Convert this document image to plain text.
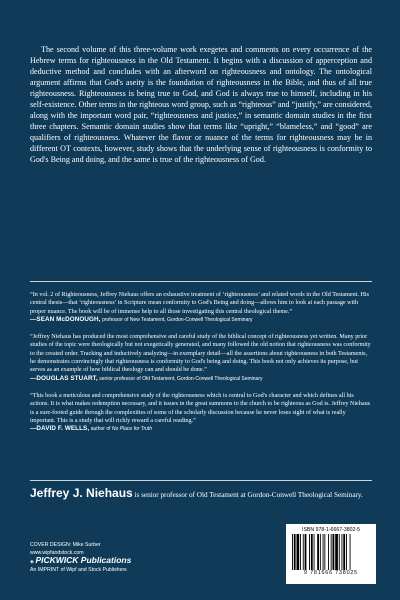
The second volume of this three-volume work exegetes and comments on every occurrence of the Hebrew terms for righteousness in the Old Testament. It begins with a discussion of apperception and deductive method and concludes with an afterword on righteousness and ontology. The ontological argument affirms that God's aseity is the foundation of righteousness in the Bible, and thus of all true righteousness. Righteousness is being true to God, and God is always true to himself, including in his self-existence. Other terms in the righteous word group, such as “righteous” and “justify,” are considered, along with the important word pair, “righteousness and justice,” in semantic domain studies in the first three chapters. Semantic domain studies show that terms like “upright,” “blameless,” and “good” are qualifiers of righteousness. Whatever the flavor or nuance of the terms for righteousness may be in different OT contexts, however, study shows that the underlying sense of righteousness is conformity to God's Being and doing, and the same is true of the righteousness of God.

“In vol. 2 of Righteousness, Jeffrey Niehaus offers an exhaustive treatment of ‘righteousness’ and related words in the Old Testament. His central thesis—that ‘righteousness’ in Scripture mean conformity to God's Being and doing—allows him to look at each passage with proper nuance. The book will be of immense help to all those investigating this central theological theme.”
—SEAN McDONOUGH, professor of New Testament, Gordon-Conwell Theological Seminary
“Jeffrey Niehaus has produced the most comprehensive and careful study of the biblical concept of righteousness yet written. Many prior studies of the topic were theologically but not exegetically generated, and many followed the old notion that righteousness was conformity to the created order. Tracking and inductively analyzing—in exemplary detail—all the assertions about righteousness in both Testaments, he demonstrates convincingly that righteousness is conformity to God's being and doing. This book not only achieves its purpose, but serves as an example of how biblical theology can and should be done.”
—DOUGLAS STUART, senior professor of Old Testament, Gordon-Conwell Theological Seminary
“This book a meticulous and comprehensive study of the righteousness which is central to God's character and which defines all his actions. It is what makes redemption necessary, and it issues in the great summons to the church to be righteous as God is. Jeffrey Niehaus is a sure-footed guide through the complexities of some of the scholarly discussion because he never loses sight of what is really important. This is a study that will richly reward a careful reading.”
—DAVID F. WELLS, author of No Place for Truth
Jeffrey J. Niehaus is senior professor of Old Testament at Gordon-Conwell Theological Seminary.
COVER DESIGN: Mike Surber
www.wipfandstock.com
◈ PICKWICK Publications
An IMPRINT of Wipf and Stock Publishers
ISBN 978-1-6667-3802-5
9 781666 738025
